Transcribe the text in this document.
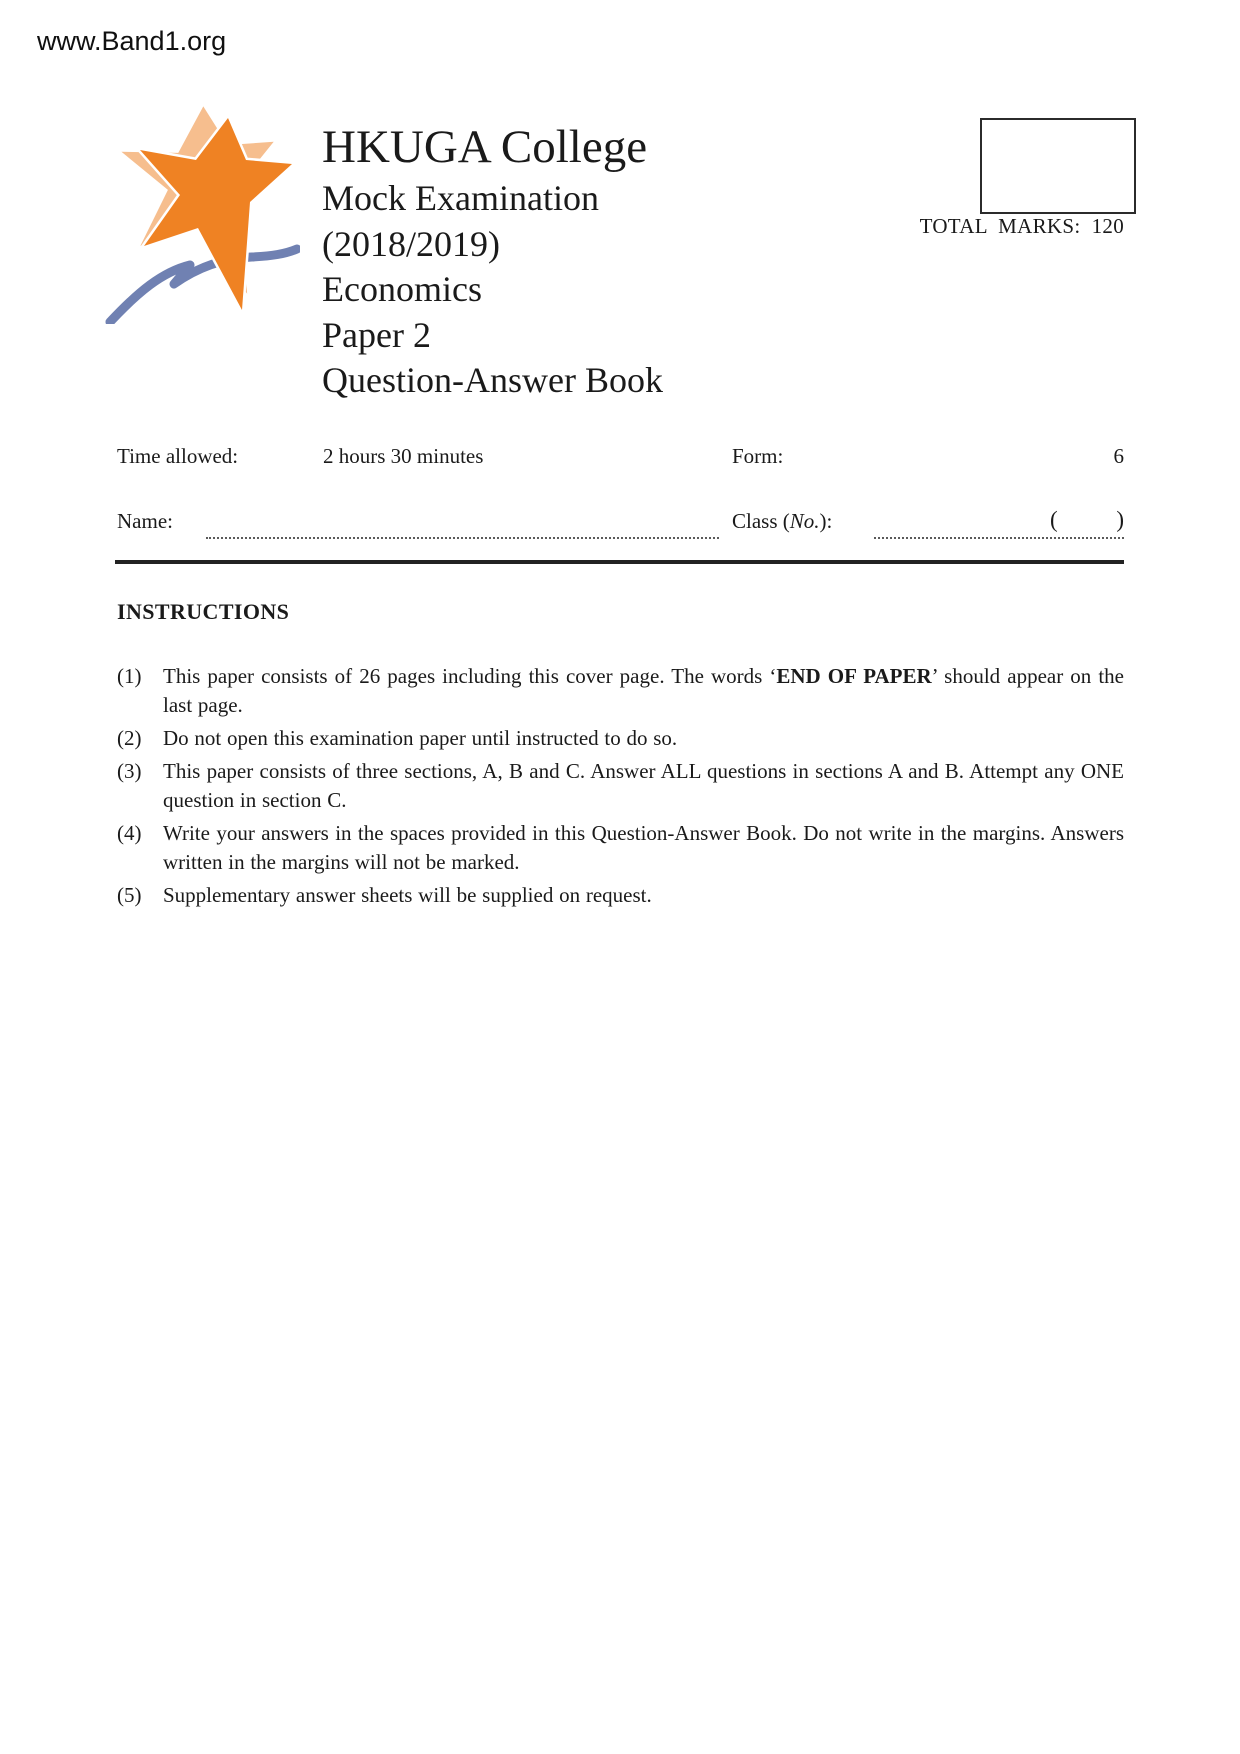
www.Band1.org
HKUGA College
Mock Examination
(2018/2019)
Economics
Paper 2
Question-Answer Book
TOTAL  MARKS:  120
Time allowed:	2 hours 30 minutes	Form:	6
Name:	Class (No.):	(	)
INSTRUCTIONS
(1)	This paper consists of 26 pages including this cover page. The words ‘END OF PAPER’ should appear on the last page.
(2)	Do not open this examination paper until instructed to do so.
(3)	This paper consists of three sections, A, B and C. Answer ALL questions in sections A and B. Attempt any ONE question in section C.
(4)	Write your answers in the spaces provided in this Question-Answer Book. Do not write in the margins. Answers written in the margins will not be marked.
(5)	Supplementary answer sheets will be supplied on request.
